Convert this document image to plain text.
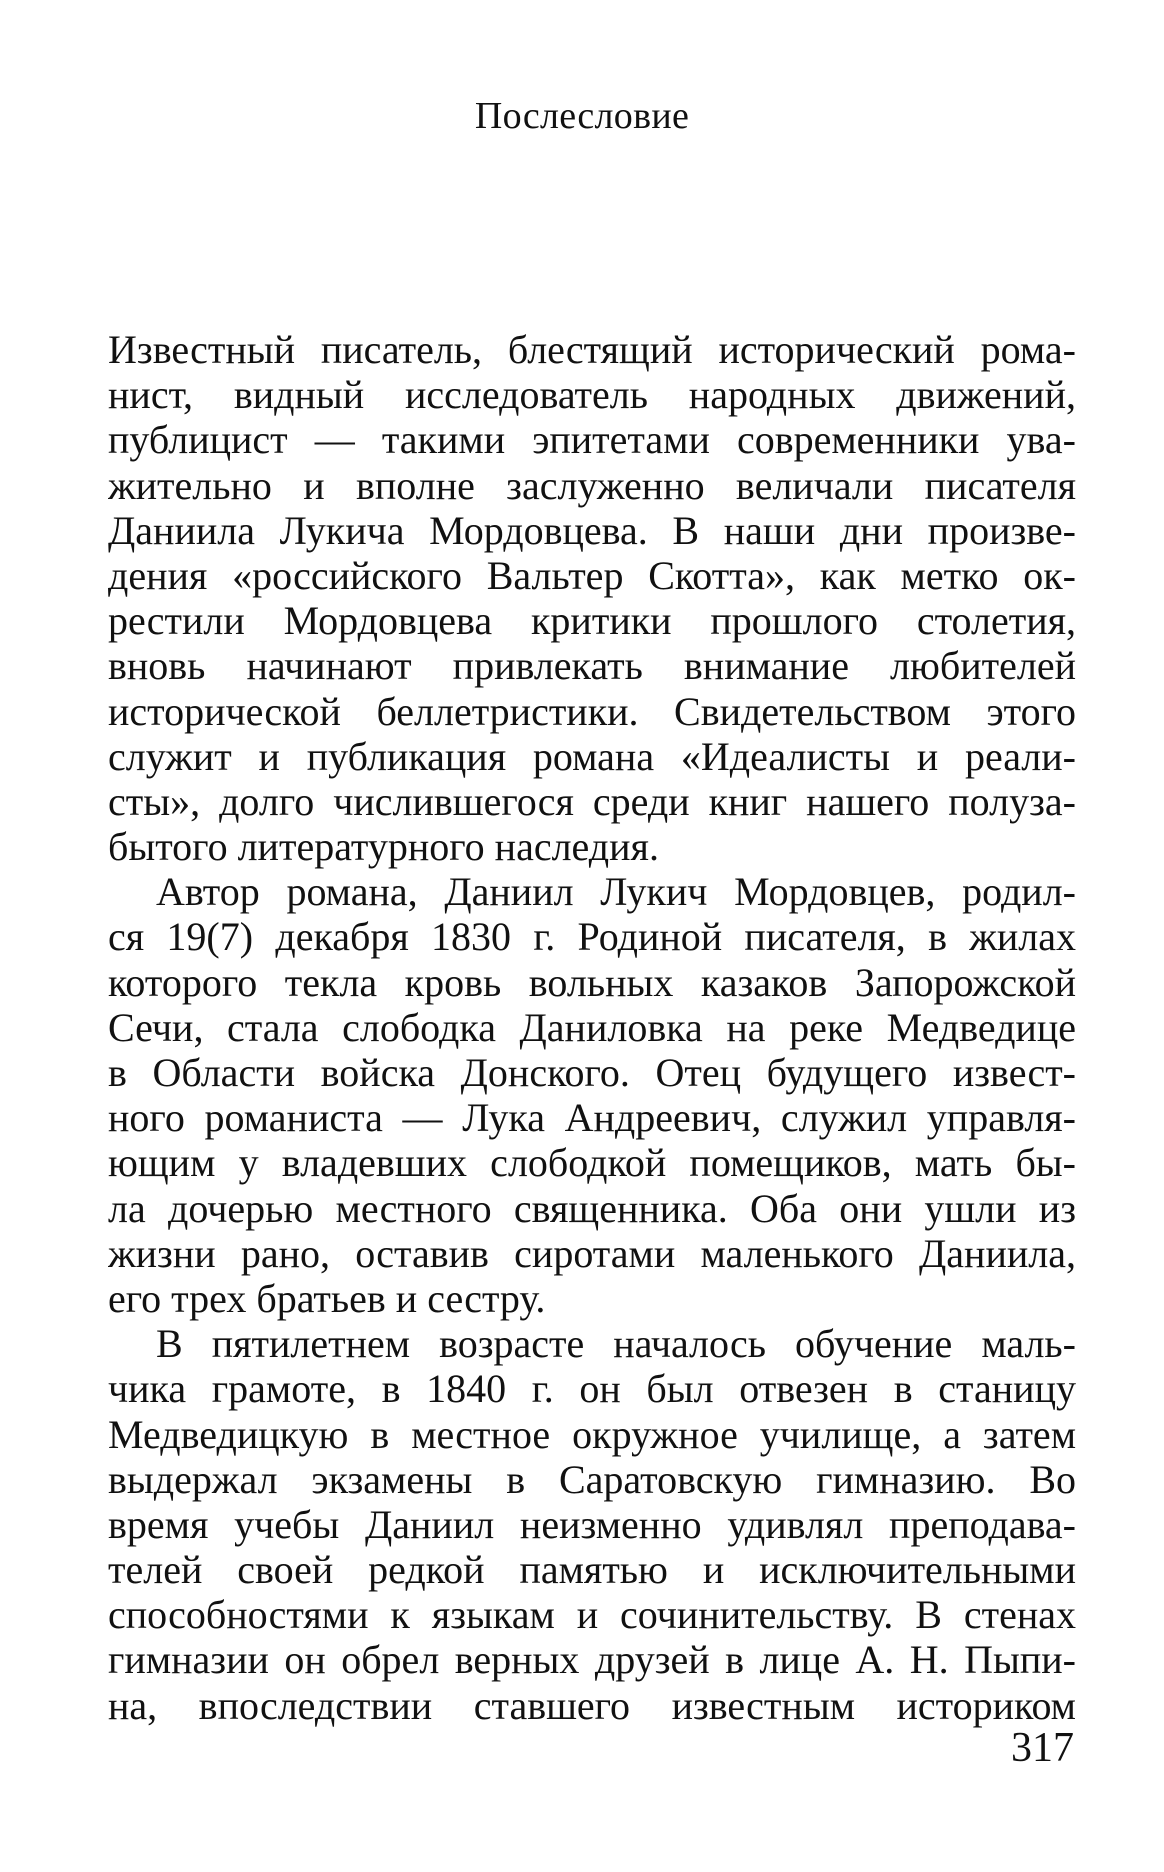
Послесловие
Известный писатель, блестящий исторический рома-
нист, видный исследователь народных движений,
публицист — такими эпитетами современники ува-
жительно и вполне заслуженно величали писателя
Даниила Лукича Мордовцева. В наши дни произве-
дения «российского Вальтер Скотта», как метко ок-
рестили Мордовцева критики прошлого столетия,
вновь начинают привлекать внимание любителей
исторической беллетристики. Свидетельством этого
служит и публикация романа «Идеалисты и реали-
сты», долго числившегося среди книг нашего полуза-
бытого литературного наследия.
Автор романа, Даниил Лукич Мордовцев, родил-
ся 19(7) декабря 1830 г. Родиной писателя, в жилах
которого текла кровь вольных казаков Запорожской
Сечи, стала слободка Даниловка на реке Медведице
в Области войска Донского. Отец будущего извест-
ного романиста — Лука Андреевич, служил управля-
ющим у владевших слободкой помещиков, мать бы-
ла дочерью местного священника. Оба они ушли из
жизни рано, оставив сиротами маленького Даниила,
его трех братьев и сестру.
В пятилетнем возрасте началось обучение маль-
чика грамоте, в 1840 г. он был отвезен в станицу
Медведицкую в местное окружное училище, а затем
выдержал экзамены в Саратовскую гимназию. Во
время учебы Даниил неизменно удивлял преподава-
телей своей редкой памятью и исключительными
способностями к языкам и сочинительству. В стенах
гимназии он обрел верных друзей в лице А. Н. Пыпи-
на, впоследствии ставшего известным историком
317
